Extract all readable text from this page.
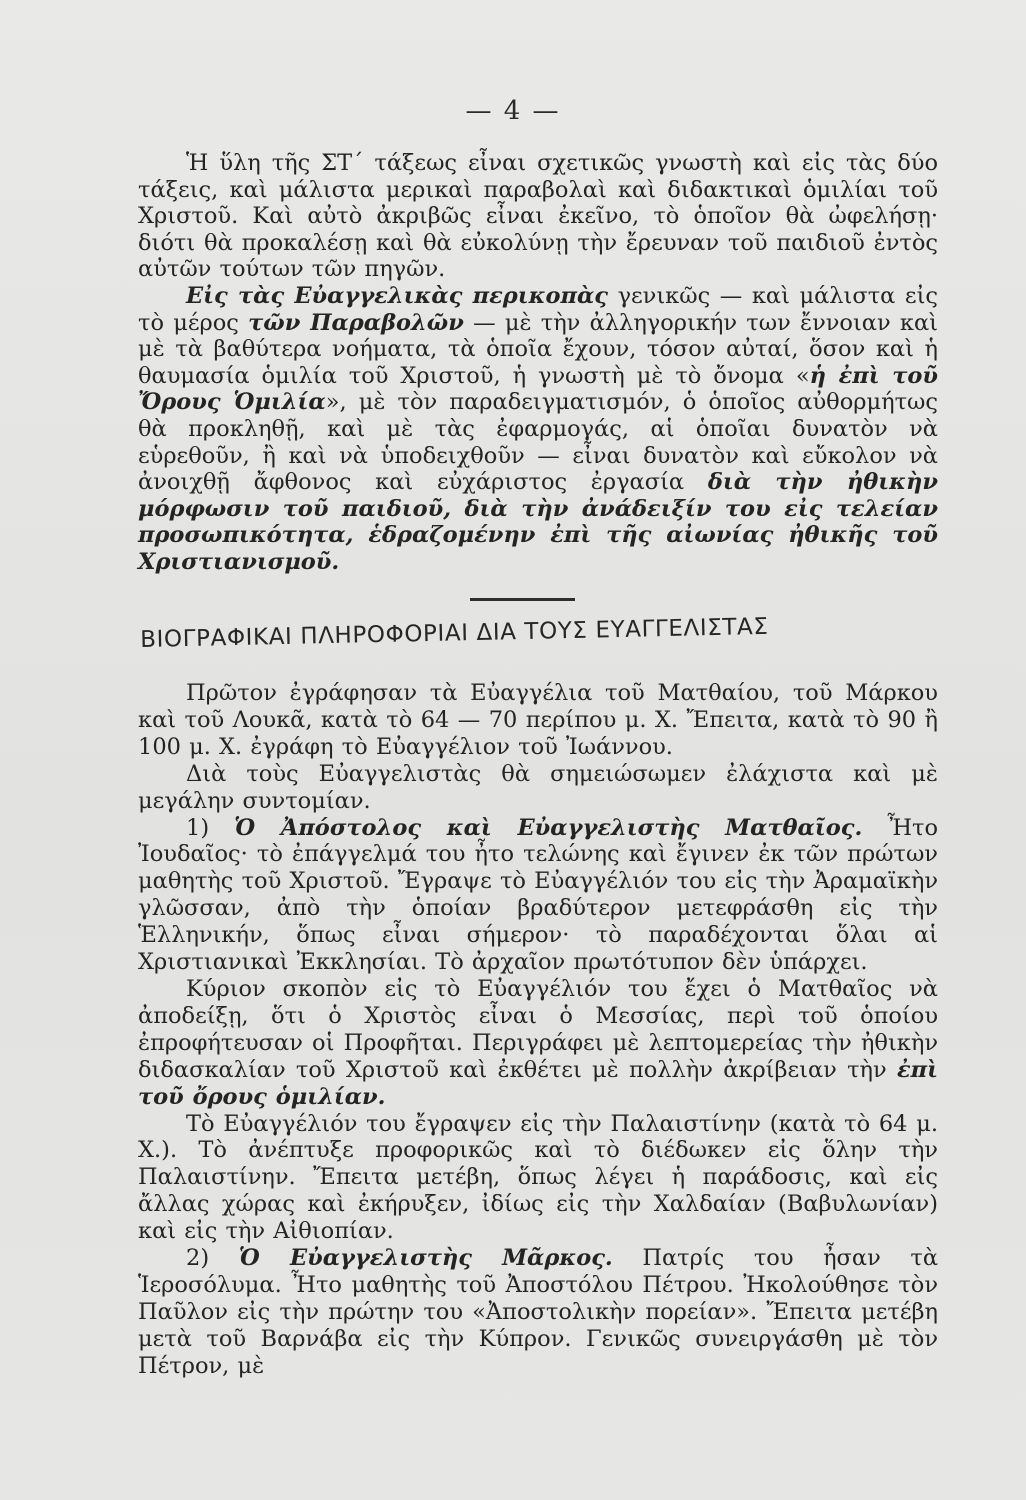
— 4 —

Ἡ ὕλη τῆς ΣΤ΄ τάξεως εἶναι σχετικῶς γνωστὴ καὶ εἰς τὰς δύο τάξεις, καὶ μάλιστα μερικαὶ παραβολαὶ καὶ διδακτικαὶ ὁμιλίαι τοῦ Χριστοῦ. Καὶ αὐτὸ ἀκριβῶς εἶναι ἐκεῖνο, τὸ ὁποῖον θὰ ὠφελήσῃ· διότι θὰ προκαλέσῃ καὶ θὰ εὐκολύνῃ τὴν ἔρευναν τοῦ παιδιοῦ ἐντὸς αὐτῶν τούτων τῶν πηγῶν.

Εἰς τὰς Εὐαγγελικὰς περικοπὰς γενικῶς — καὶ μάλιστα εἰς τὸ μέρος τῶν Παραβολῶν — μὲ τὴν ἀλληγορικήν των ἔννοιαν καὶ μὲ τὰ βαθύτερα νοήματα, τὰ ὁποῖα ἔχουν, τόσον αὐταί, ὅσον καὶ ἡ θαυμασία ὁμιλία τοῦ Χριστοῦ, ἡ γνωστὴ μὲ τὸ ὄνομα «ἡ ἐπὶ τοῦ Ὄρους Ὁμιλία», μὲ τὸν παραδειγματισμόν, ὁ ὁποῖος αὐθορμήτως θὰ προκληθῇ, καὶ μὲ τὰς ἐφαρμογάς, αἱ ὁποῖαι δυνατὸν νὰ εὑρεθοῦν, ἢ καὶ νὰ ὑποδειχθοῦν — εἶναι δυνατὸν καὶ εὔκολον νὰ ἀνοιχθῇ ἄφθονος καὶ εὐχάριστος ἐργασία διὰ τὴν ἠθικὴν μόρφωσιν τοῦ παιδιοῦ, διὰ τὴν ἀνάδειξίν του εἰς τελείαν προσωπικότητα, ἑδραζομένην ἐπὶ τῆς αἰωνίας ἠθικῆς τοῦ Χριστιανισμοῦ.

ΒΙΟΓΡΑΦΙΚΑΙ ΠΛΗΡΟΦΟΡΙΑΙ ΔΙΑ ΤΟΥΣ ΕΥΑΓΓΕΛΙΣΤΑΣ

Πρῶτον ἐγράφησαν τὰ Εὐαγγέλια τοῦ Ματθαίου, τοῦ Μάρκου καὶ τοῦ Λουκᾶ, κατὰ τὸ 64 — 70 περίπου μ. Χ. Ἔπειτα, κατὰ τὸ 90 ἢ 100 μ. Χ. ἐγράφη τὸ Εὐαγγέλιον τοῦ Ἰωάννου.

Διὰ τοὺς Εὐαγγελιστὰς θὰ σημειώσωμεν ἐλάχιστα καὶ μὲ μεγάλην συντομίαν.

1) Ὁ Ἀπόστολος καὶ Εὐαγγελιστὴς Ματθαῖος. Ἦτο Ἰουδαῖος· τὸ ἐπάγγελμά του ἦτο τελώνης καὶ ἔγινεν ἐκ τῶν πρώτων μαθητὴς τοῦ Χριστοῦ. Ἔγραψε τὸ Εὐαγγέλιόν του εἰς τὴν Ἀραμαϊκὴν γλῶσσαν, ἀπὸ τὴν ὁποίαν βραδύτερον μετεφράσθη εἰς τὴν Ἑλληνικήν, ὅπως εἶναι σήμερον· τὸ παραδέχονται ὅλαι αἱ Χριστιανικαὶ Ἐκκλησίαι. Τὸ ἀρχαῖον πρωτότυπον δὲν ὑπάρχει.

Κύριον σκοπὸν εἰς τὸ Εὐαγγέλιόν του ἔχει ὁ Ματθαῖος νὰ ἀποδείξῃ, ὅτι ὁ Χριστὸς εἶναι ὁ Μεσσίας, περὶ τοῦ ὁποίου ἐπροφήτευσαν οἱ Προφῆται. Περιγράφει μὲ λεπτομερείας τὴν ἠθικὴν διδασκαλίαν τοῦ Χριστοῦ καὶ ἐκθέτει μὲ πολλὴν ἀκρίβειαν τὴν ἐπὶ τοῦ ὄρους ὁμιλίαν.

Τὸ Εὐαγγέλιόν του ἔγραψεν εἰς τὴν Παλαιστίνην (κατὰ τὸ 64 μ. Χ.). Τὸ ἀνέπτυξε προφορικῶς καὶ τὸ διέδωκεν εἰς ὅλην τὴν Παλαιστίνην. Ἔπειτα μετέβη, ὅπως λέγει ἡ παράδοσις, καὶ εἰς ἄλλας χώρας καὶ ἐκήρυξεν, ἰδίως εἰς τὴν Χαλδαίαν (Βαβυλωνίαν) καὶ εἰς τὴν Αἰθιοπίαν.

2) Ὁ Εὐαγγελιστὴς Μᾶρκος. Πατρίς του ἦσαν τὰ Ἱεροσόλυμα. Ἦτο μαθητὴς τοῦ Ἀποστόλου Πέτρου. Ἠκολούθησε τὸν Παῦλον εἰς τὴν πρώτην του «Ἀποστολικὴν πορείαν». Ἔπειτα μετέβη μετὰ τοῦ Βαρνάβα εἰς τὴν Κύπρον. Γενικῶς συνειργάσθη μὲ τὸν Πέτρον, μὲ
